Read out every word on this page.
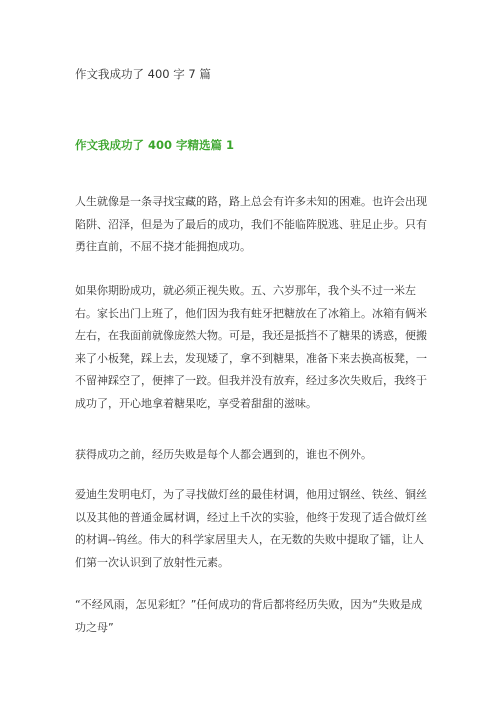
作文我成功了 400 字 7 篇
作文我成功了 400 字精选篇 1

人生就像是一条寻找宝藏的路，路上总会有许多未知的困难。也许会出现陷阱、沼泽，但是为了最后的成功，我们不能临阵脱逃、驻足止步。只有勇往直前，不屈不挠才能拥抱成功。

如果你期盼成功，就必须正视失败。五、六岁那年，我个头不过一米左右。家长出门上班了，他们因为我有蛀牙把糖放在了冰箱上。冰箱有俩米左右，在我面前就像庞然大物。可是，我还是抵挡不了糖果的诱惑，便搬来了小板凳，踩上去，发现矮了，拿不到糖果，准备下来去换高板凳，一不留神踩空了，便摔了一跤。但我并没有放弃，经过多次失败后，我终于成功了，开心地拿着糖果吃，享受着甜甜的滋味。

获得成功之前，经历失败是每个人都会遇到的，谁也不例外。

爱迪生发明电灯，为了寻找做灯丝的最佳材调，他用过钢丝、铁丝、铜丝以及其他的普通金属材调，经过上千次的实验，他终于发现了适合做灯丝的材调--钨丝。伟大的科学家居里夫人，在无数的失败中提取了镭，让人们第一次认识到了放射性元素。

“不经风雨，怎见彩虹？”任何成功的背后都将经历失败，因为“失败是成功之母”
